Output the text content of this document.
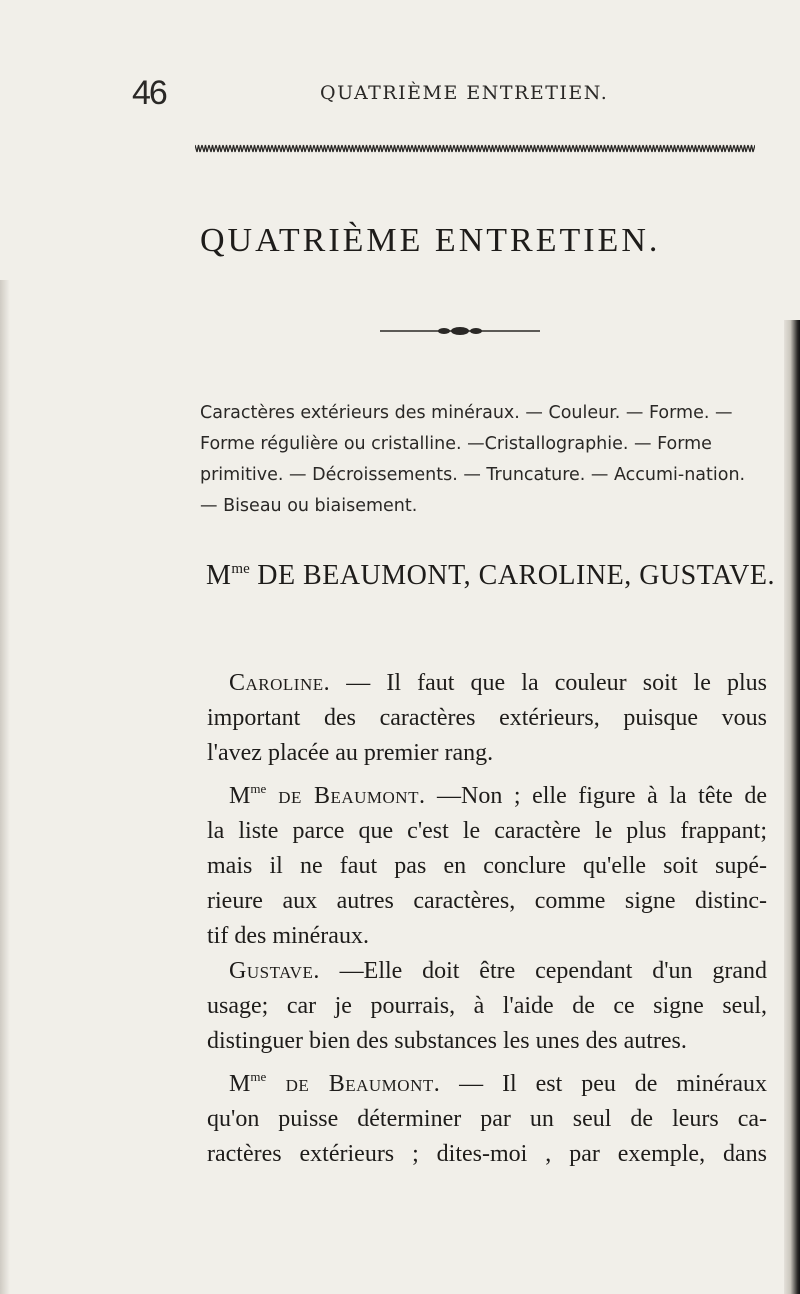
46	QUATRIÈME ENTRETIEN.
QUATRIÈME ENTRETIEN.
Caractères extérieurs des minéraux. — Couleur. — Forme. — Forme régulière ou cristalline. —Cristallographie. — Forme primitive. — Décroissements. — Truncature. — Accumi-nation. — Biseau ou biaisement.
$M^{me}$ DE BEAUMONT, CAROLINE, GUSTAVE.
Caroline. — Il faut que la couleur soit le plus
important des caractères extérieurs, puisque vous
l'avez placée au premier rang.
$M^{me}$ de Beaumont. —Non ; elle figure à la tête de
la liste parce que c'est le caractère le plus frappant;
mais il ne faut pas en conclure qu'elle soit supé-
rieure aux autres caractères, comme signe distinc-
tif des minéraux.
Gustave. —Elle doit être cependant d'un grand
usage; car je pourrais, à l'aide de ce signe seul,
distinguer bien des substances les unes des autres.
$M^{me}$ de Beaumont. — Il est peu de minéraux
qu'on puisse déterminer par un seul de leurs ca-
ractères extérieurs ; dites-moi , par exemple, dans
